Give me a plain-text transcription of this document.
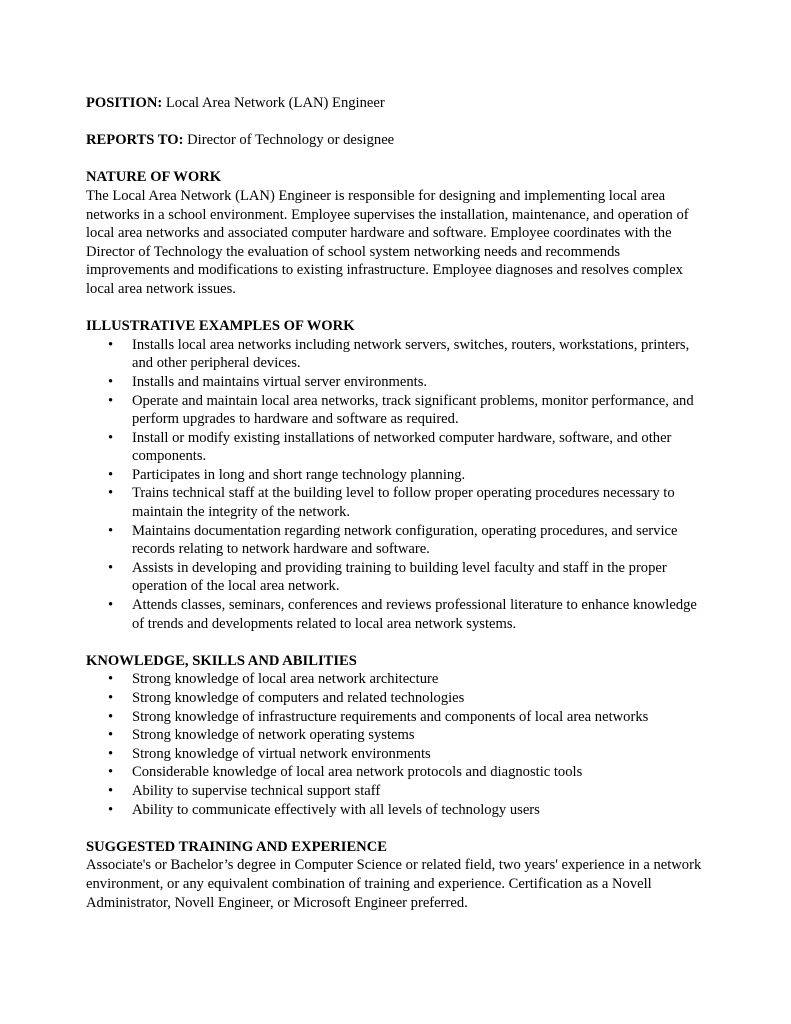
POSITION: Local Area Network (LAN) Engineer
REPORTS TO: Director of Technology or designee
NATURE OF WORK

The Local Area Network (LAN) Engineer is responsible for designing and implementing local area networks in a school environment. Employee supervises the installation, maintenance, and operation of local area networks and associated computer hardware and software. Employee coordinates with the Director of Technology the evaluation of school system networking needs and recommends improvements and modifications to existing infrastructure. Employee diagnoses and resolves complex local area network issues.

ILLUSTRATIVE EXAMPLES OF WORK
• Installs local area networks including network servers, switches, routers, workstations, printers, and other peripheral devices.
• Installs and maintains virtual server environments.
• Operate and maintain local area networks, track significant problems, monitor performance, and perform upgrades to hardware and software as required.
• Install or modify existing installations of networked computer hardware, software, and other components.
• Participates in long and short range technology planning.
• Trains technical staff at the building level to follow proper operating procedures necessary to maintain the integrity of the network.
• Maintains documentation regarding network configuration, operating procedures, and service records relating to network hardware and software.
• Assists in developing and providing training to building level faculty and staff in the proper operation of the local area network.
• Attends classes, seminars, conferences and reviews professional literature to enhance knowledge of trends and developments related to local area network systems.
KNOWLEDGE, SKILLS AND ABILITIES
• Strong knowledge of local area network architecture
• Strong knowledge of computers and related technologies
• Strong knowledge of infrastructure requirements and components of local area networks
• Strong knowledge of network operating systems
• Strong knowledge of virtual network environments
• Considerable knowledge of local area network protocols and diagnostic tools
• Ability to supervise technical support staff
• Ability to communicate effectively with all levels of technology users
SUGGESTED TRAINING AND EXPERIENCE

Associate's or Bachelor’s degree in Computer Science or related field, two years' experience in a network environment, or any equivalent combination of training and experience. Certification as a Novell Administrator, Novell Engineer, or Microsoft Engineer preferred.
